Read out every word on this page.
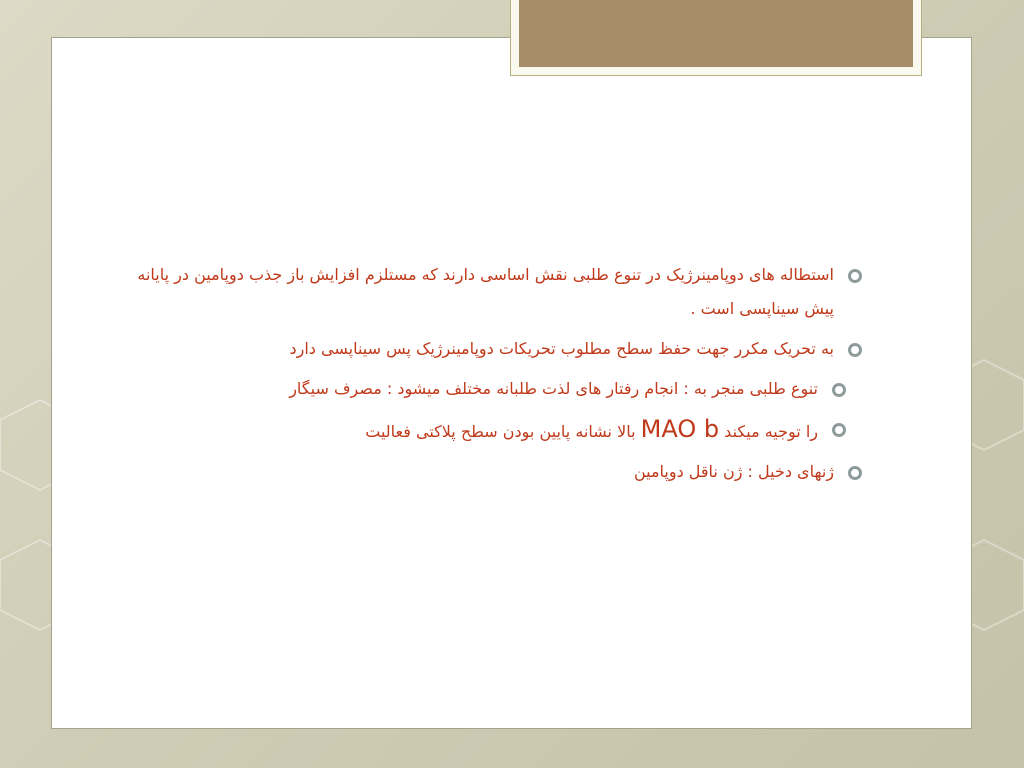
استطاله های دوپامینرژیک در تنوع طلبی نقش اساسی دارند که مستلزم افزایش باز جذب دوپامین در پایانه پیش سیناپسی است .
به تحریک مکرر جهت حفظ سطح مطلوب تحریکات دوپامینرژیک پس سیناپسی دارد
تنوع طلبی منجر به : انجام رفتار های لذت طلبانه مختلف میشود : مصرف سیگار
را توجیه میکند MAO b بالا نشانه پایین بودن سطح پلاکتی فعالیت
ژنهای دخیل : ژن ناقل دوپامین
